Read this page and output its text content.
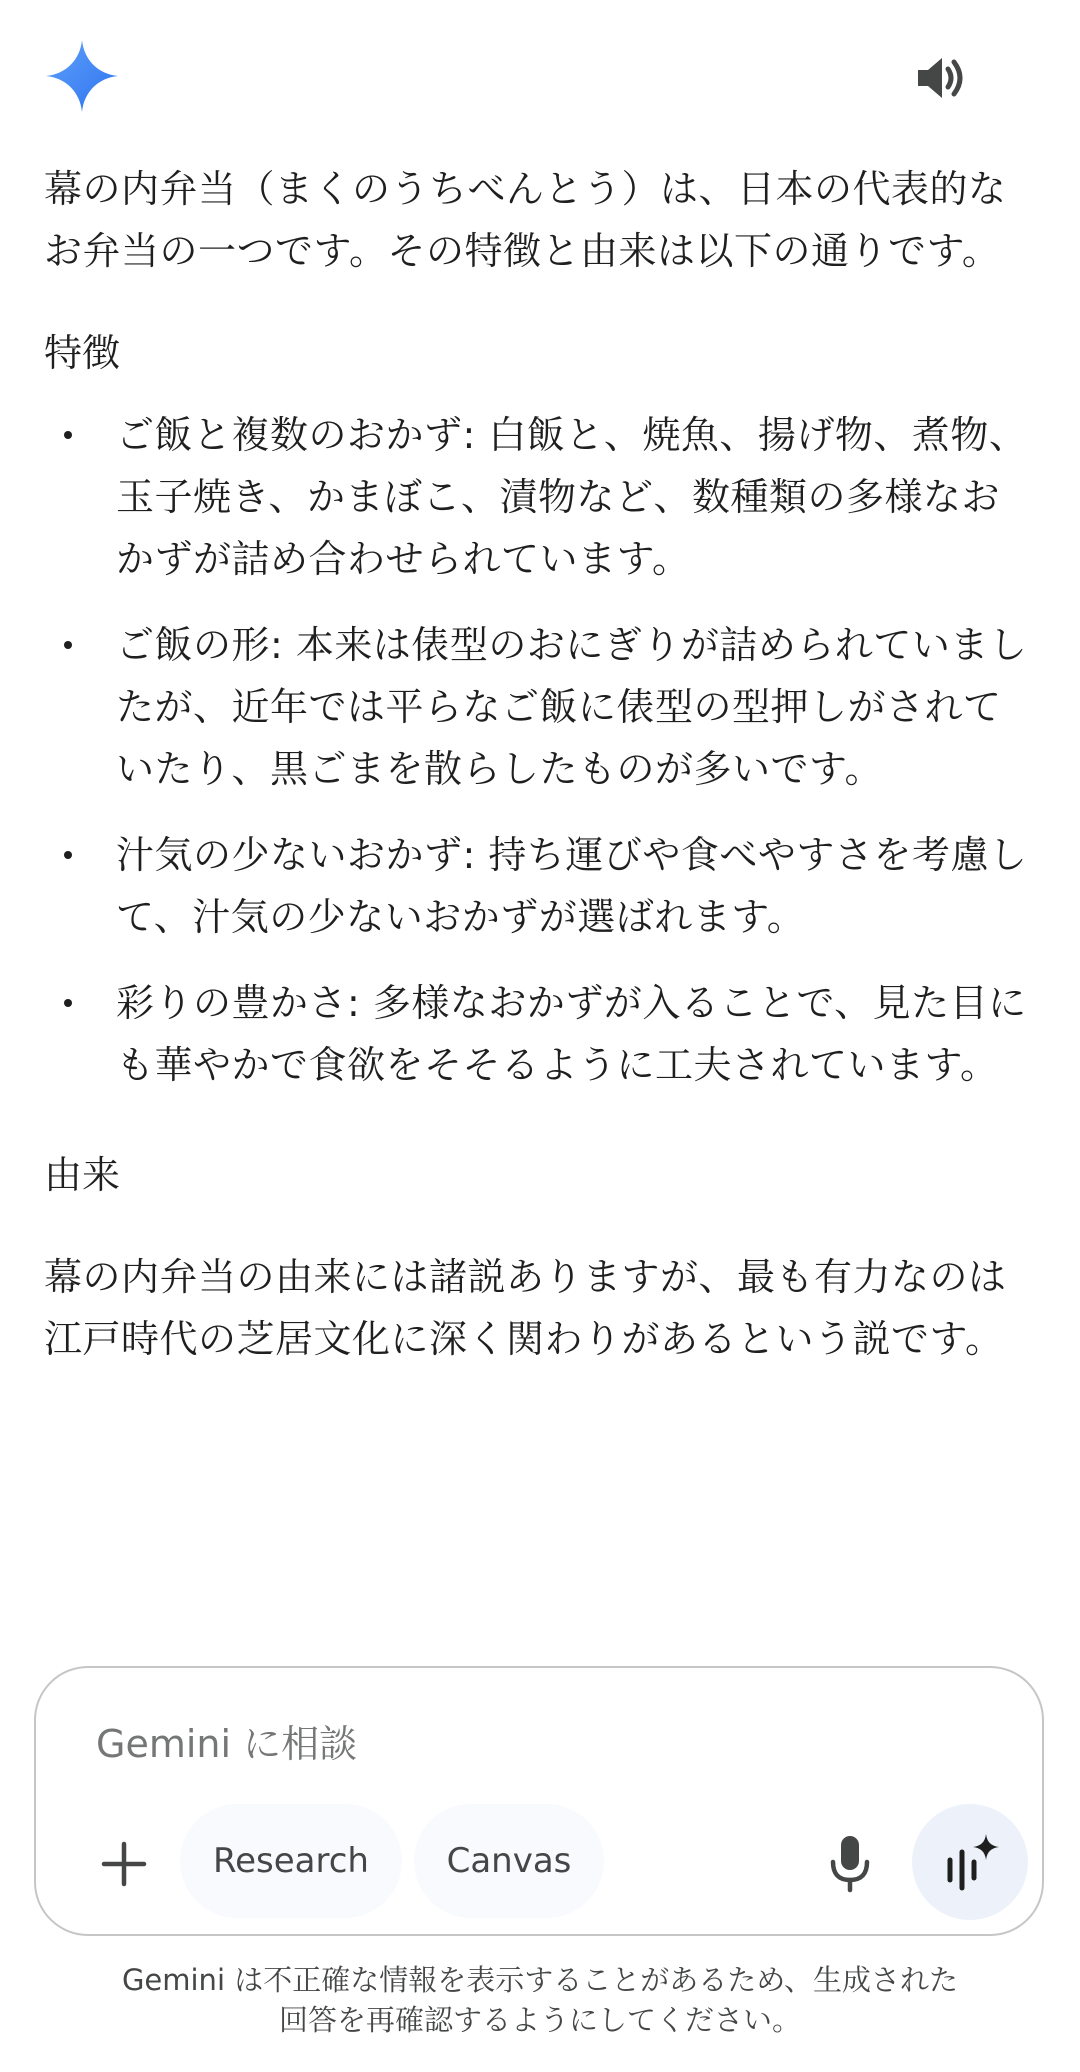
幕の内弁当（まくのうちべんとう）は、日本の代表的なお弁当の一つです。その特徴と由来は以下の通りです。

特徴

ご飯と複数のおかず: 白飯と、焼魚、揚げ物、煮物、玉子焼き、かまぼこ、漬物など、数種類の多様なおかずが詰め合わせられています。
ご飯の形: 本来は俵型のおにぎりが詰められていましたが、近年では平らなご飯に俵型の型押しがされていたり、黒ごまを散らしたものが多いです。
汁気の少ないおかず: 持ち運びや食べやすさを考慮して、汁気の少ないおかずが選ばれます。
彩りの豊かさ: 多様なおかずが入ることで、見た目にも華やかで食欲をそそるように工夫されています。

由来

幕の内弁当の由来には諸説ありますが、最も有力なのは江戸時代の芝居文化に深く関わりがあるという説です。

Gemini に相談
Research Canvas
Gemini は不正確な情報を表示することがあるため、生成された
回答を再確認するようにしてください。
